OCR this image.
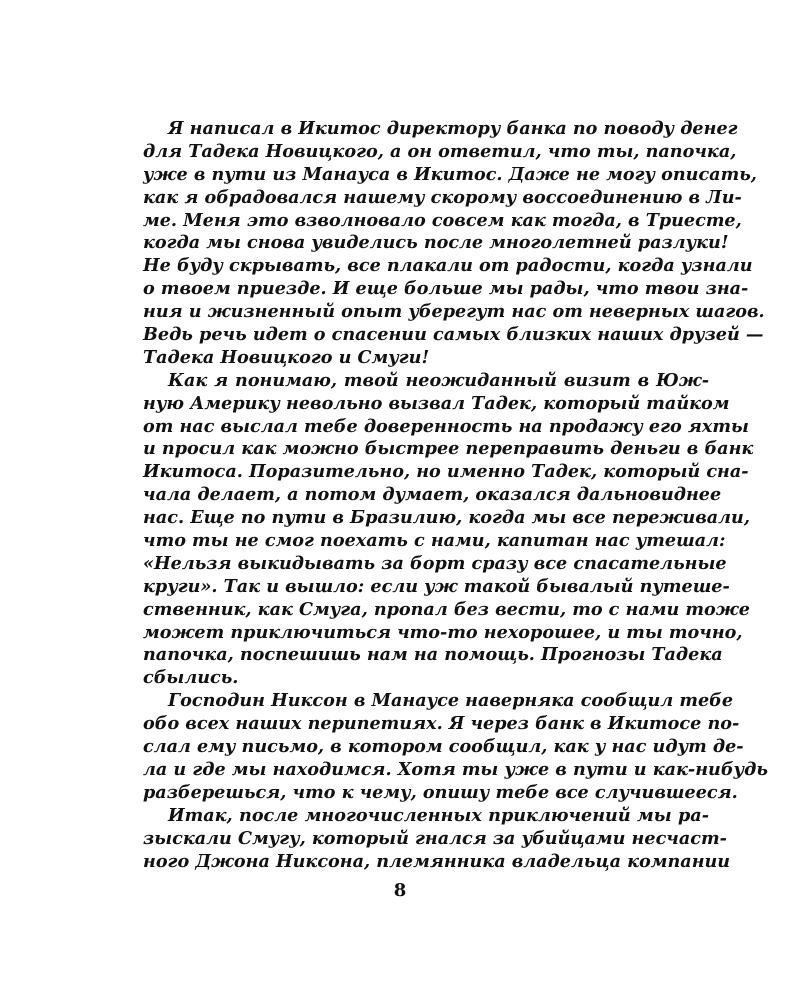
Я написал в Икитос директору банка по поводу денег
для Тадека Новицкого, а он ответил, что ты, папочка,
уже в пути из Манауса в Икитос. Даже не могу описать,
как я обрадовался нашему скорому воссоединению в Ли-
ме. Меня это взволновало совсем как тогда, в Триесте,
когда мы снова увиделись после многолетней разлуки!
Не буду скрывать, все плакали от радости, когда узнали
о твоем приезде. И еще больше мы рады, что твои зна-
ния и жизненный опыт уберегут нас от неверных шагов.
Ведь речь идет о спасении самых близких наших друзей —
Тадека Новицкого и Смуги!
Как я понимаю, твой неожиданный визит в Юж-
ную Америку невольно вызвал Тадек, который тайком
от нас выслал тебе доверенность на продажу его яхты
и просил как можно быстрее переправить деньги в банк
Икитоса. Поразительно, но именно Тадек, который сна-
чала делает, а потом думает, оказался дальновиднее
нас. Еще по пути в Бразилию, когда мы все переживали,
что ты не смог поехать с нами, капитан нас утешал:
«Нельзя выкидывать за борт сразу все спасательные
круги». Так и вышло: если уж такой бывалый путеше-
ственник, как Смуга, пропал без вести, то с нами тоже
может приключиться что-то нехорошее, и ты точно,
папочка, поспешишь нам на помощь. Прогнозы Тадека
сбылись.
Господин Никсон в Манаусе наверняка сообщил тебе
обо всех наших перипетиях. Я через банк в Икитосе по-
слал ему письмо, в котором сообщил, как у нас идут де-
ла и где мы находимся. Хотя ты уже в пути и как-нибудь
разберешься, что к чему, опишу тебе все случившееся.
Итак, после многочисленных приключений мы ра-
зыскали Смугу, который гнался за убийцами несчаст-
ного Джона Никсона, племянника владельца компании
8
